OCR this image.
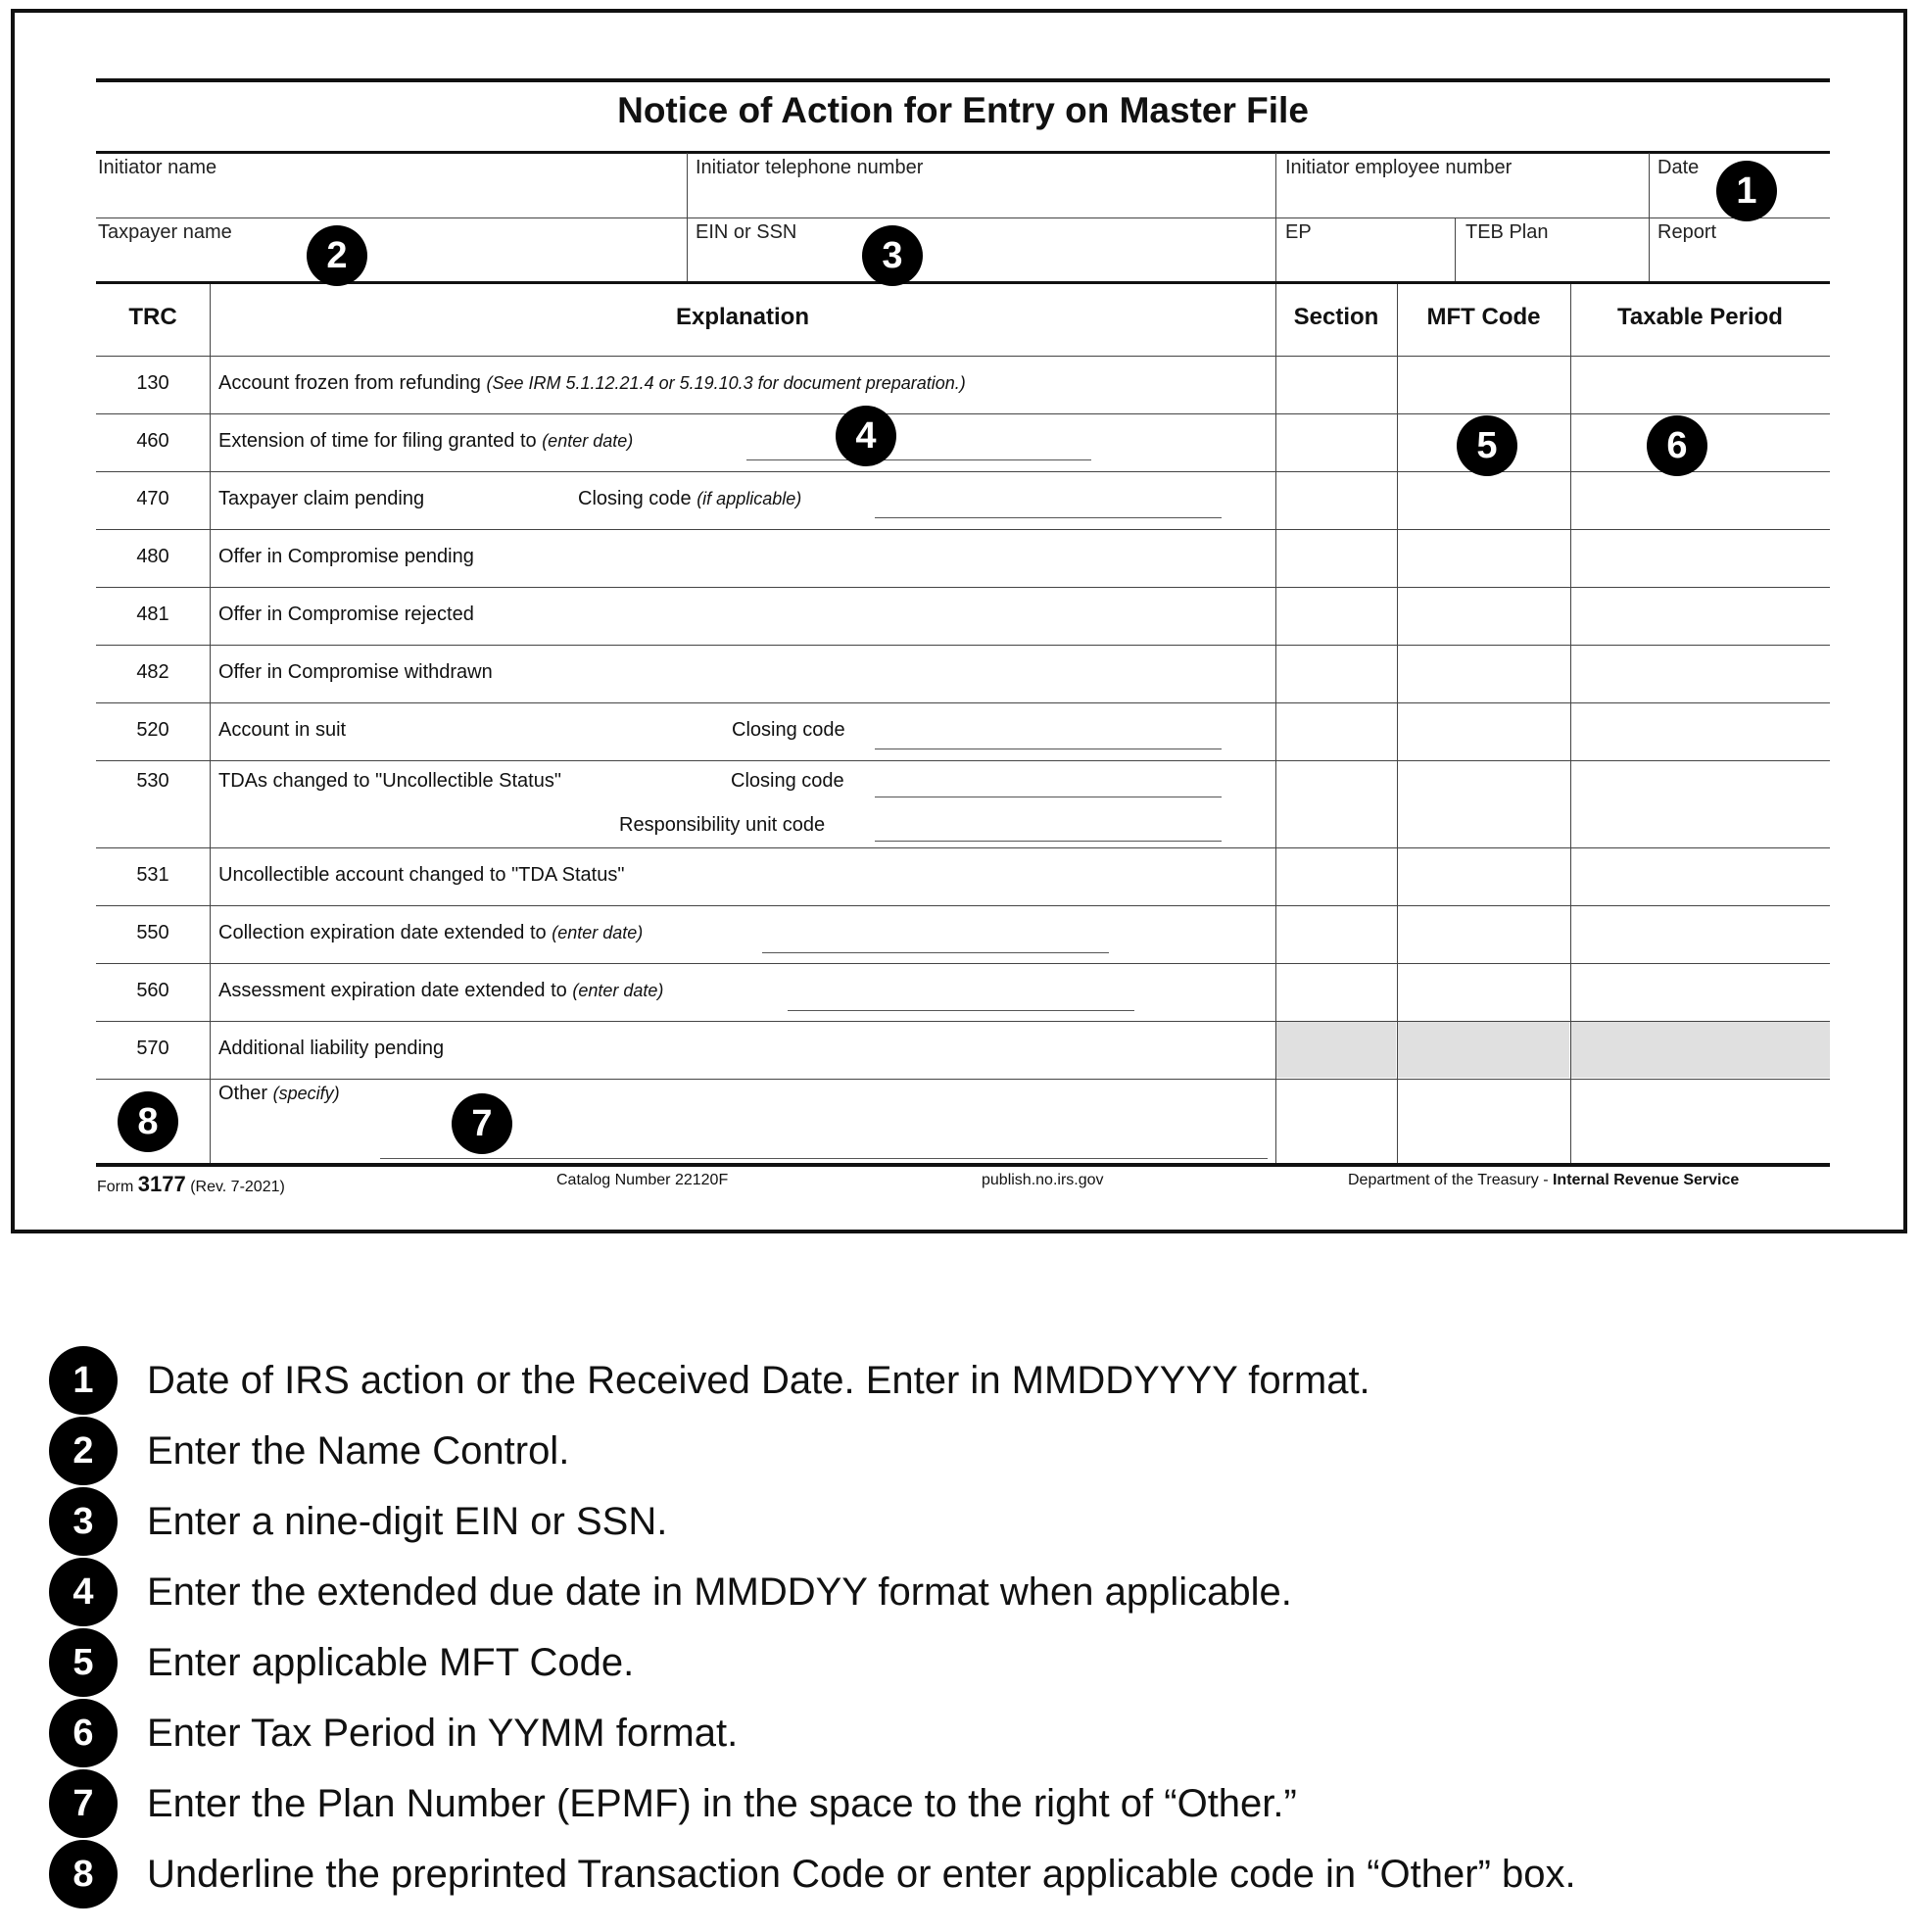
Notice of Action for Entry on Master File
Initiator name	Initiator telephone number	Initiator employee number	Date
Taxpayer name	EIN or SSN	EP	TEB Plan	Report
TRC	Explanation	Section	MFT Code	Taxable Period
130	Account frozen from refunding (See IRM 5.1.12.21.4 or 5.19.10.3 for document preparation.)
460	Extension of time for filing granted to (enter date)
470	Taxpayer claim pending	Closing code (if applicable)
480	Offer in Compromise pending
481	Offer in Compromise rejected
482	Offer in Compromise withdrawn
520	Account in suit	Closing code
530	TDAs changed to "Uncollectible Status"	Closing code
Responsibility unit code
531	Uncollectible account changed to "TDA Status"
550	Collection expiration date extended to (enter date)
560	Assessment expiration date extended to (enter date)
570	Additional liability pending
Other (specify)
1
2	3
4	5	6
7
8
Form 3177 (Rev. 7-2021)	Catalog Number 22120F	publish.no.irs.gov	Department of the Treasury - Internal Revenue Service
1	Date of IRS action or the Received Date. Enter in MMDDYYYY format.
2	Enter the Name Control.
3	Enter a nine-digit EIN or SSN.
4	Enter the extended due date in MMDDYY format when applicable.
5	Enter applicable MFT Code.
6	Enter Tax Period in YYMM format.
7	Enter the Plan Number (EPMF) in the space to the right of “Other.”
8	Underline the preprinted Transaction Code or enter applicable code in “Other” box.
